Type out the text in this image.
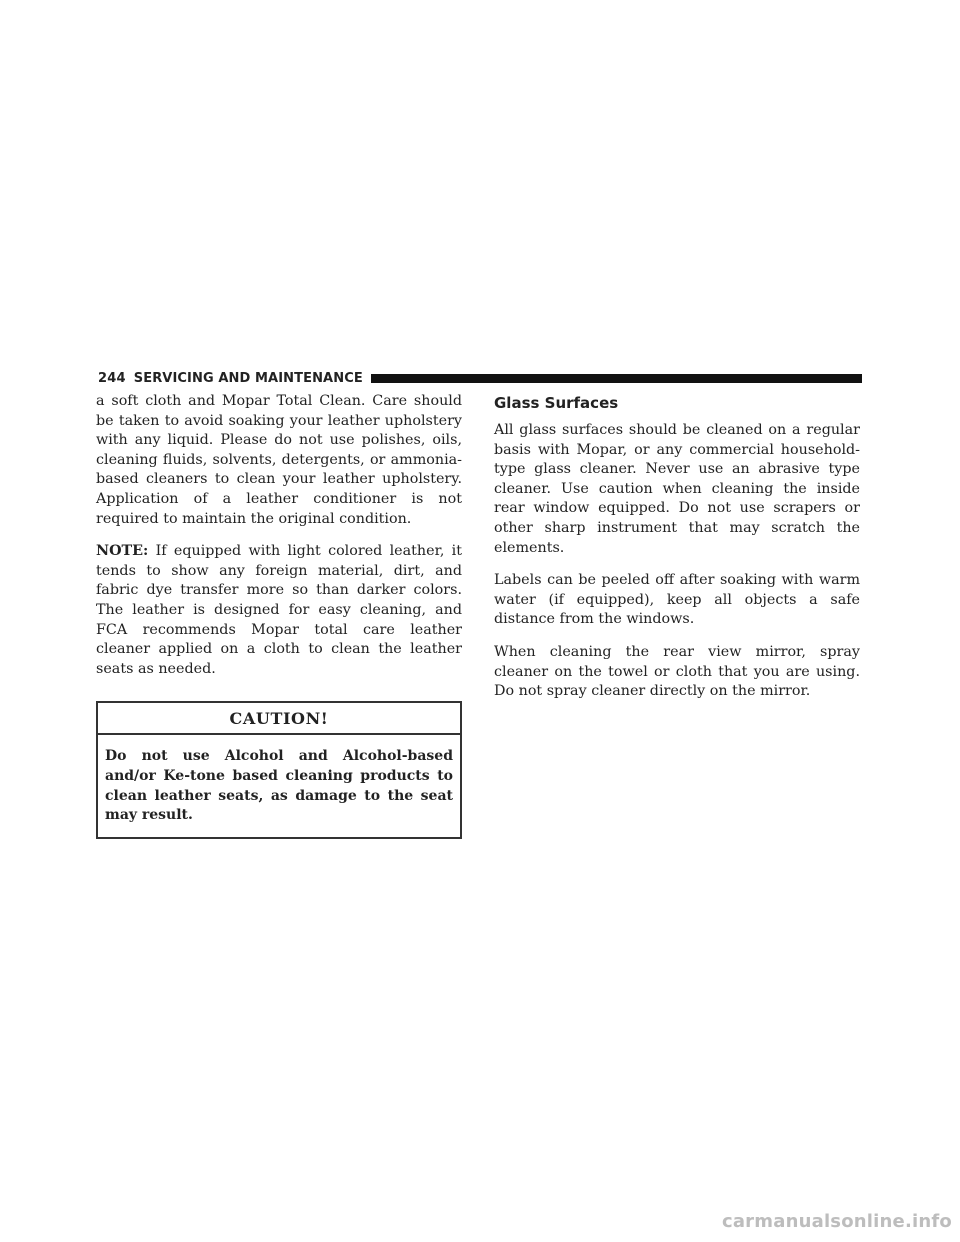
244 SERVICING AND MAINTENANCE

a soft cloth and Mopar Total Clean. Care should be taken to avoid soaking your leather upholstery with any liquid. Please do not use polishes, oils, cleaning fluids, solvents, detergents, or ammonia-based cleaners to clean your leather upholstery. Application of a leather conditioner is not required to maintain the original condition.

NOTE: If equipped with light colored leather, it tends to show any foreign material, dirt, and fabric dye transfer more so than darker colors. The leather is designed for easy cleaning, and FCA recommends Mopar total care leather cleaner applied on a cloth to clean the leather seats as needed.

CAUTION!
Do not use Alcohol and Alcohol-based and/or Ke-tone based cleaning products to clean leather seats, as damage to the seat may result.
Glass Surfaces

All glass surfaces should be cleaned on a regular basis with Mopar, or any commercial household-type glass cleaner. Never use an abrasive type cleaner. Use caution when cleaning the inside rear window equipped. Do not use scrapers or other sharp instrument that may scratch the elements.

Labels can be peeled off after soaking with warm water (if equipped), keep all objects a safe distance from the windows.

When cleaning the rear view mirror, spray cleaner on the towel or cloth that you are using. Do not spray cleaner directly on the mirror.

carmanualsonline.info
